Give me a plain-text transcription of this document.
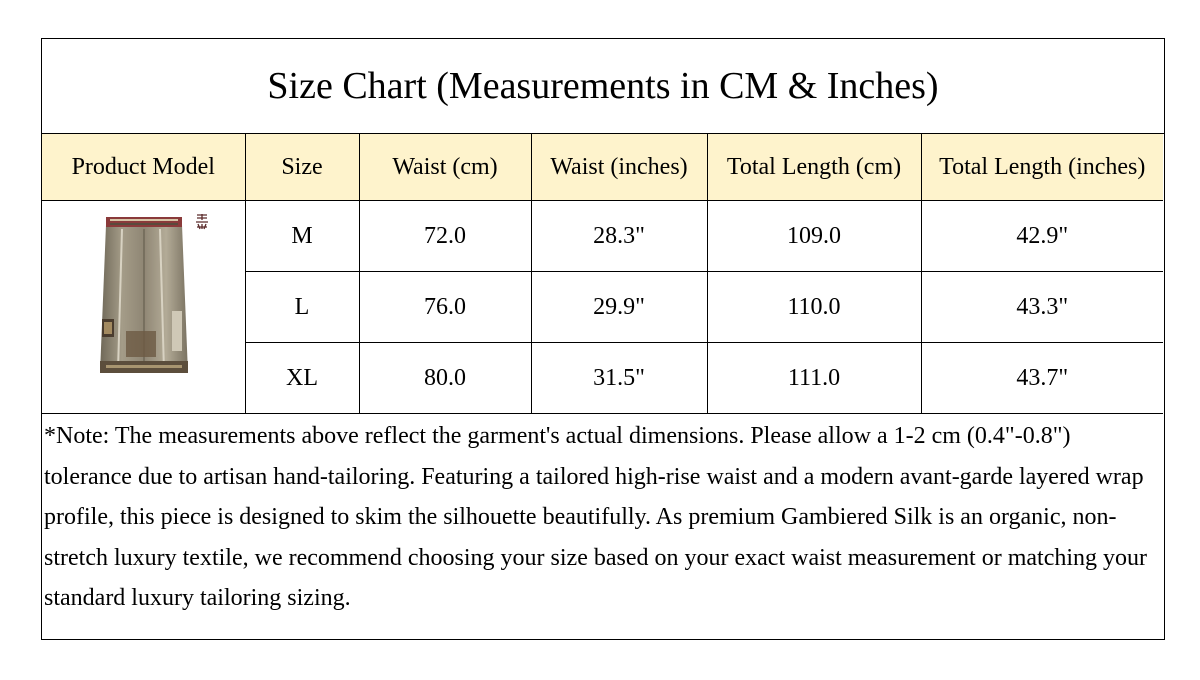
Size Chart (Measurements in CM & Inches)
Product Model	Size	Waist (cm)	Waist (inches)	Total Length (cm)	Total Length (inches)

	M	72.0	28.3"	109.0	42.9"
	L	76.0	29.9"	110.0	43.3"
	XL	80.0	31.5"	111.0	43.7"
*Note: The measurements above reflect the garment's actual dimensions. Please allow a 1-2 cm (0.4"-0.8") tolerance due to artisan hand-tailoring. Featuring a tailored high-rise waist and a modern avant-garde layered wrap profile, this piece is designed to skim the silhouette beautifully. As premium Gambiered Silk is an organic, non-stretch luxury textile, we recommend choosing your size based on your exact waist measurement or matching your standard luxury tailoring sizing.
